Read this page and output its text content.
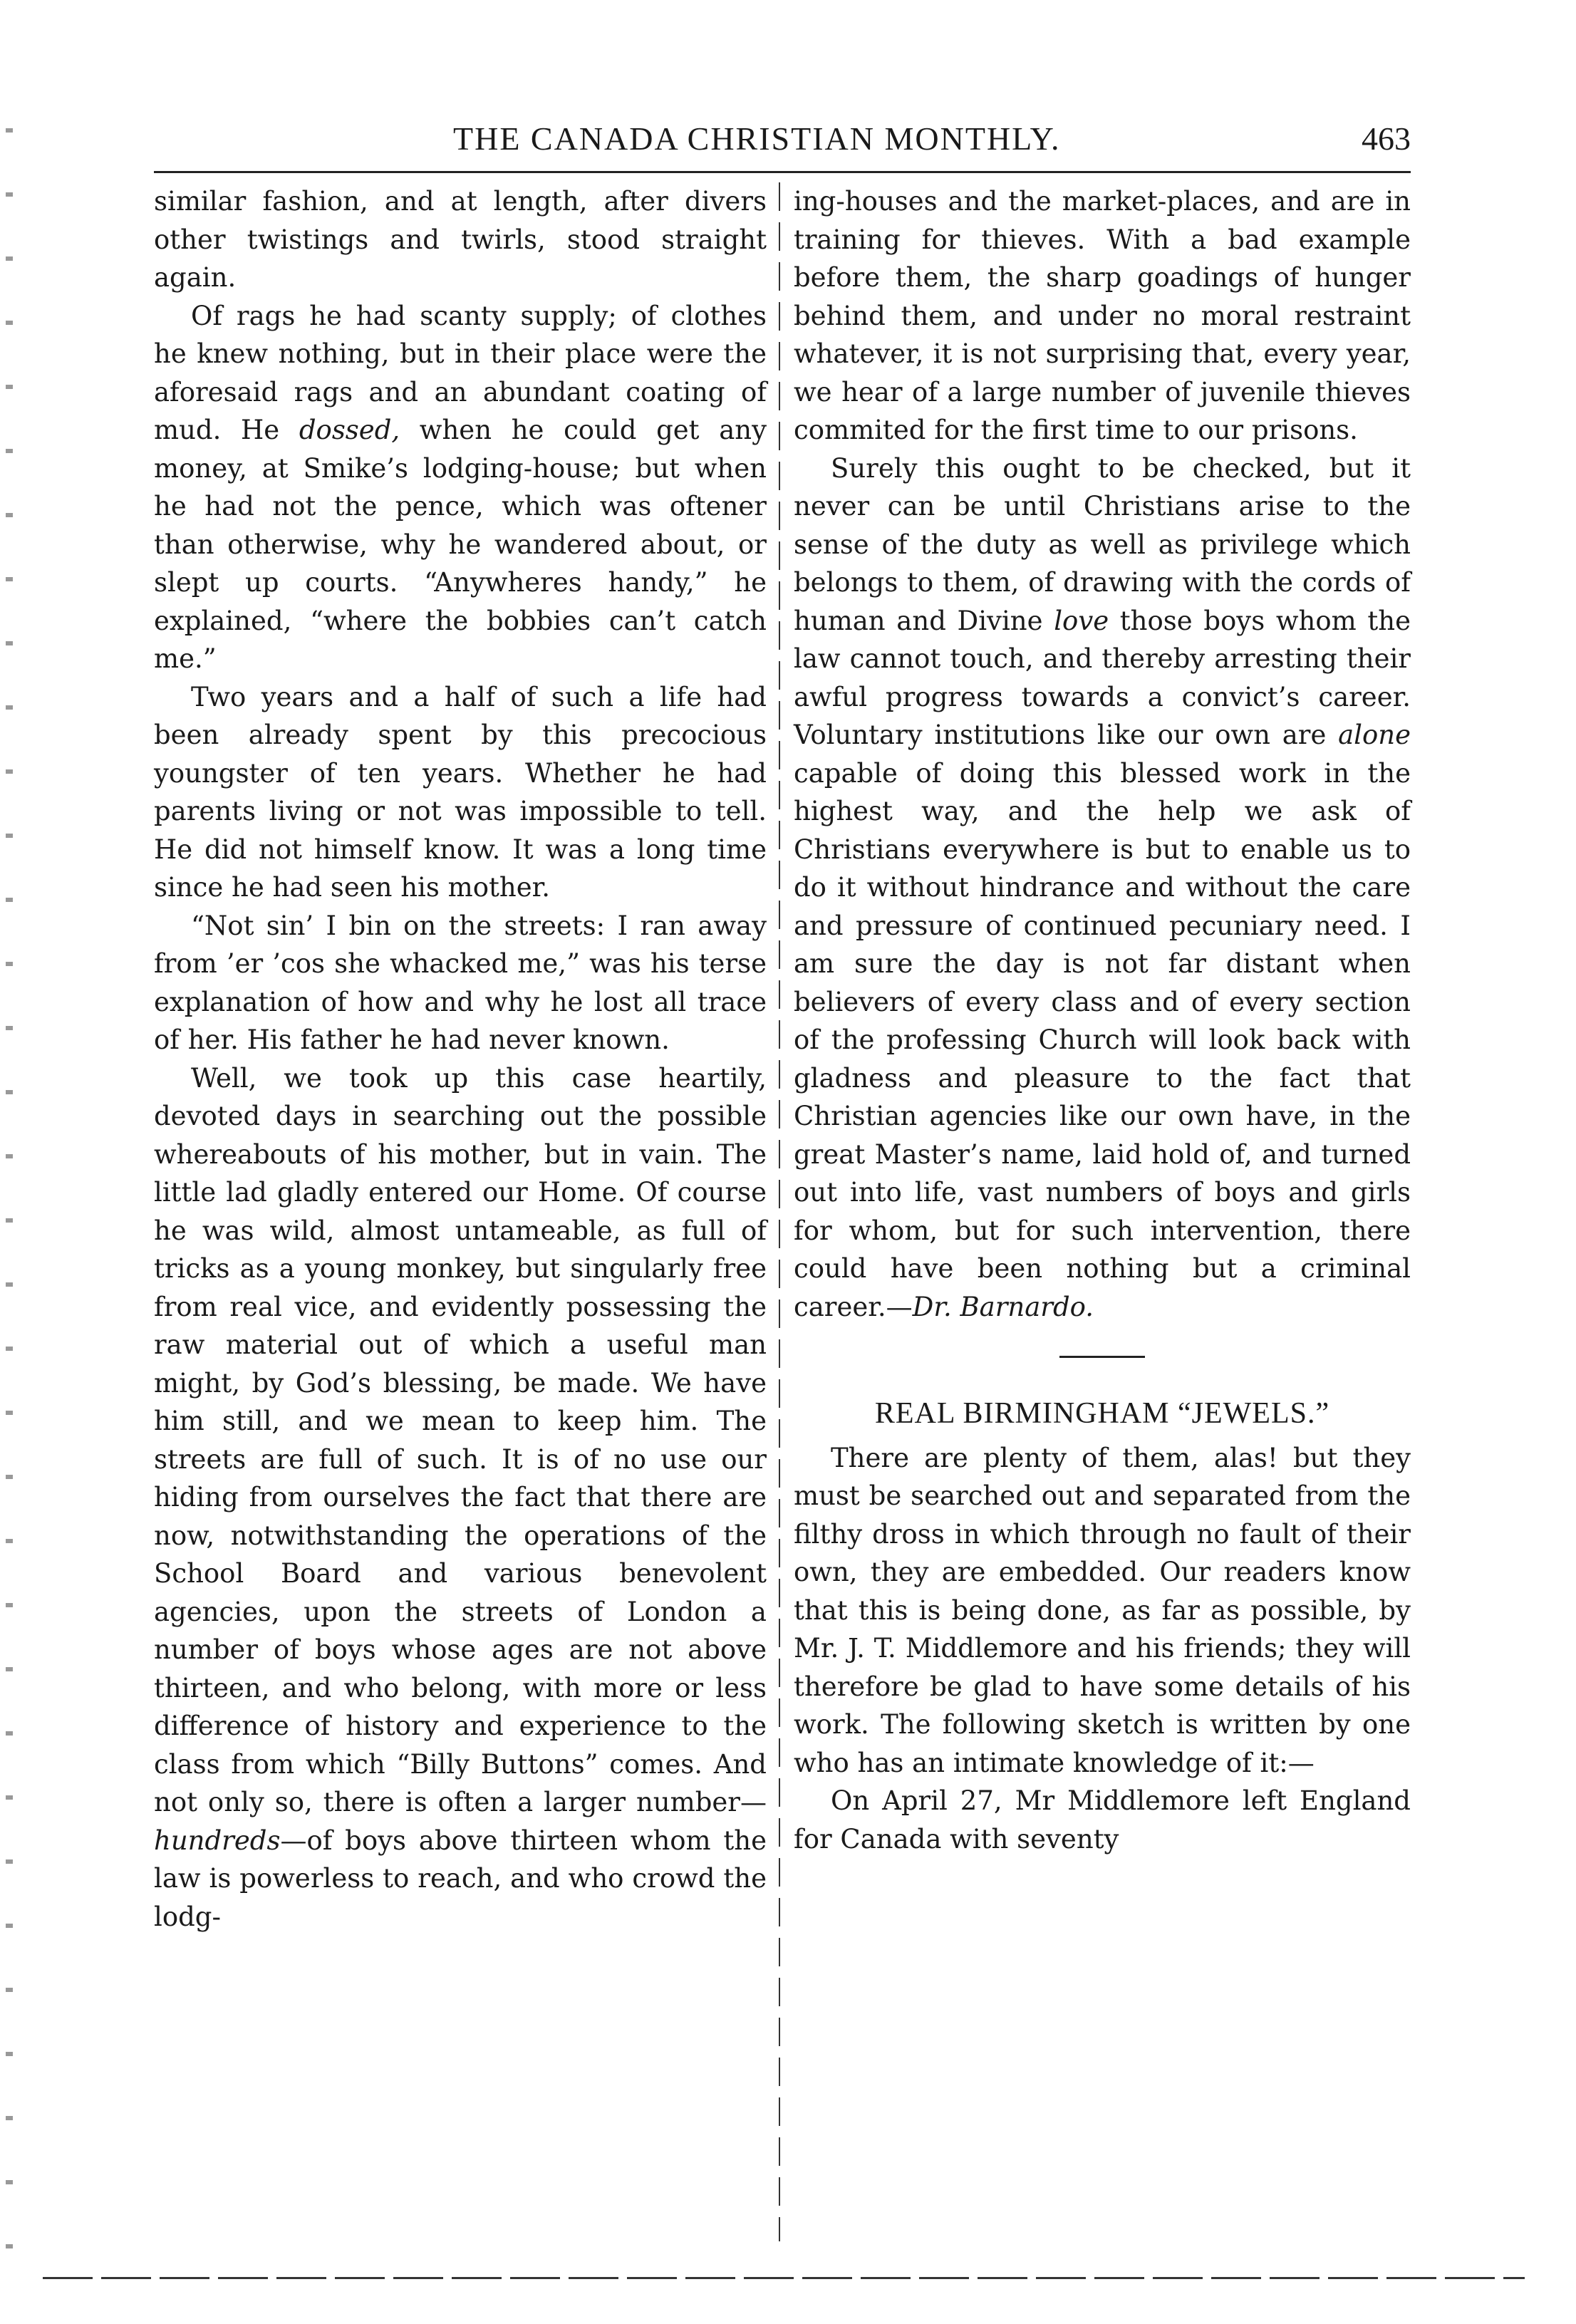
THE CANADA CHRISTIAN MONTHLY.	463

similar fashion, and at length, after divers other twistings and twirls, stood straight again.

Of rags he had scanty supply; of clothes he knew nothing, but in their place were the aforesaid rags and an abundant coating of mud. He dossed, when he could get any money, at Smike’s lodging-house; but when he had not the pence, which was oftener than otherwise, why he wandered about, or slept up courts. “Anywheres handy,” he explained, “where the bobbies can’t catch me.”

Two years and a half of such a life had been already spent by this precocious youngster of ten years. Whether he had parents living or not was impossible to tell. He did not himself know. It was a long time since he had seen his mother.

“Not sin’ I bin on the streets: I ran away from ’er ’cos she whacked me,” was his terse explanation of how and why he lost all trace of her. His father he had never known.

Well, we took up this case heartily, devoted days in searching out the possible whereabouts of his mother, but in vain. The little lad gladly entered our Home. Of course he was wild, almost untameable, as full of tricks as a young monkey, but singularly free from real vice, and evidently possessing the raw material out of which a useful man might, by God’s blessing, be made. We have him still, and we mean to keep him. The streets are full of such. It is of no use our hiding from ourselves the fact that there are now, notwithstanding the operations of the School Board and various benevolent agencies, upon the streets of London a number of boys whose ages are not above thirteen, and who belong, with more or less difference of history and experience to the class from which “Billy Buttons” comes. And not only so, there is often a larger number—hundreds—of boys above thirteen whom the law is powerless to reach, and who crowd the lodg-

ing-houses and the market-places, and are in training for thieves. With a bad example before them, the sharp goadings of hunger behind them, and under no moral restraint whatever, it is not surprising that, every year, we hear of a large number of juvenile thieves commited for the first time to our prisons.

Surely this ought to be checked, but it never can be until Christians arise to the sense of the duty as well as privilege which belongs to them, of drawing with the cords of human and Divine love those boys whom the law cannot touch, and thereby arresting their awful progress towards a convict’s career. Voluntary institutions like our own are alone capable of doing this blessed work in the highest way, and the help we ask of Christians everywhere is but to enable us to do it without hindrance and without the care and pressure of continued pecuniary need. I am sure the day is not far distant when believers of every class and of every section of the professing Church will look back with gladness and pleasure to the fact that Christian agencies like our own have, in the great Master’s name, laid hold of, and turned out into life, vast numbers of boys and girls for whom, but for such intervention, there could have been nothing but a criminal career.—Dr. Barnardo.

REAL BIRMINGHAM “JEWELS.”

There are plenty of them, alas! but they must be searched out and separated from the filthy dross in which through no fault of their own, they are embedded. Our readers know that this is being done, as far as possible, by Mr. J. T. Middlemore and his friends; they will therefore be glad to have some details of his work. The following sketch is written by one who has an intimate knowledge of it:—

On April 27, Mr Middlemore left England for Canada with seventy
